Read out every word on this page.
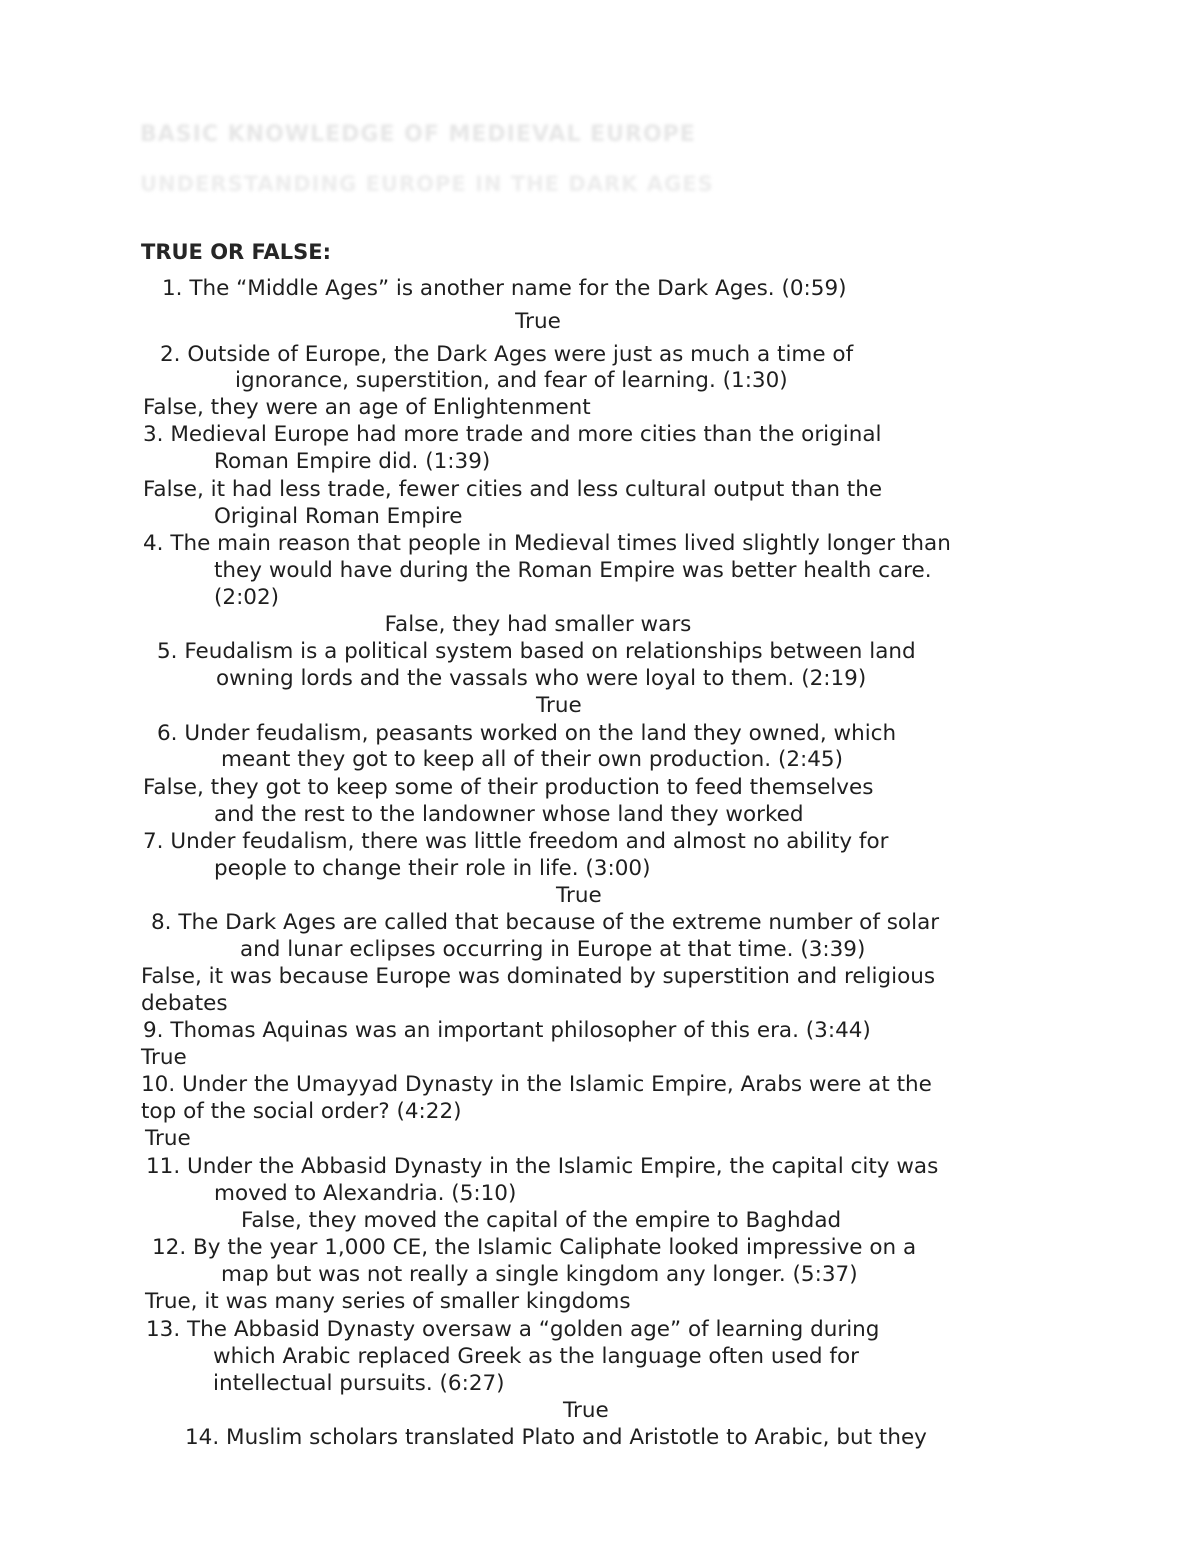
BASIC KNOWLEDGE OF MEDIEVAL EUROPE
UNDERSTANDING EUROPE IN THE DARK AGES
TRUE OR FALSE:
1. The “Middle Ages” is another name for the Dark Ages. (0:59)
True
2. Outside of Europe, the Dark Ages were just as much a time of
ignorance, superstition, and fear of learning. (1:30)
False, they were an age of Enlightenment
3. Medieval Europe had more trade and more cities than the original
Roman Empire did. (1:39)
False, it had less trade, fewer cities and less cultural output than the
Original Roman Empire
4. The main reason that people in Medieval times lived slightly longer than
they would have during the Roman Empire was better health care.
(2:02)
False, they had smaller wars
5. Feudalism is a political system based on relationships between land
owning lords and the vassals who were loyal to them. (2:19)
True
6. Under feudalism, peasants worked on the land they owned, which
meant they got to keep all of their own production. (2:45)
False, they got to keep some of their production to feed themselves
and the rest to the landowner whose land they worked
7. Under feudalism, there was little freedom and almost no ability for
people to change their role in life. (3:00)
True
8. The Dark Ages are called that because of the extreme number of solar
and lunar eclipses occurring in Europe at that time. (3:39)
False, it was because Europe was dominated by superstition and religious
debates
9. Thomas Aquinas was an important philosopher of this era. (3:44)
True
10. Under the Umayyad Dynasty in the Islamic Empire, Arabs were at the
top of the social order? (4:22)
True
11. Under the Abbasid Dynasty in the Islamic Empire, the capital city was
moved to Alexandria. (5:10)
False, they moved the capital of the empire to Baghdad
12. By the year 1,000 CE, the Islamic Caliphate looked impressive on a
map but was not really a single kingdom any longer. (5:37)
True, it was many series of smaller kingdoms
13. The Abbasid Dynasty oversaw a “golden age” of learning during
which Arabic replaced Greek as the language often used for
intellectual pursuits. (6:27)
True
14. Muslim scholars translated Plato and Aristotle to Arabic, but they
